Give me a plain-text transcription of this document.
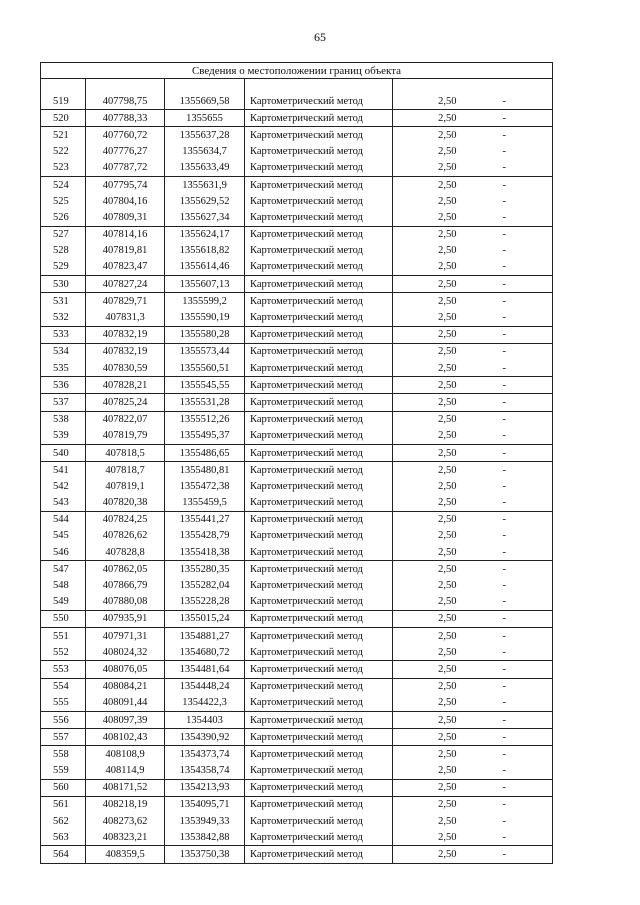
65
Сведения о местоположении границ объекта					

519	407798,75	1355669,58	Картометрический метод	2,50	-
520	407788,33	1355655	Картометрический метод	2,50	-
521	407760,72	1355637,28	Картометрический метод	2,50	-
522	407776,27	1355634,7	Картометрический метод	2,50	-
523	407787,72	1355633,49	Картометрический метод	2,50	-
524	407795,74	1355631,9	Картометрический метод	2,50	-
525	407804,16	1355629,52	Картометрический метод	2,50	-
526	407809,31	1355627,34	Картометрический метод	2,50	-
527	407814,16	1355624,17	Картометрический метод	2,50	-
528	407819,81	1355618,82	Картометрический метод	2,50	-
529	407823,47	1355614,46	Картометрический метод	2,50	-
530	407827,24	1355607,13	Картометрический метод	2,50	-
531	407829,71	1355599,2	Картометрический метод	2,50	-
532	407831,3	1355590,19	Картометрический метод	2,50	-
533	407832,19	1355580,28	Картометрический метод	2,50	-
534	407832,19	1355573,44	Картометрический метод	2,50	-
535	407830,59	1355560,51	Картометрический метод	2,50	-
536	407828,21	1355545,55	Картометрический метод	2,50	-
537	407825,24	1355531,28	Картометрический метод	2,50	-
538	407822,07	1355512,26	Картометрический метод	2,50	-
539	407819,79	1355495,37	Картометрический метод	2,50	-
540	407818,5	1355486,65	Картометрический метод	2,50	-
541	407818,7	1355480,81	Картометрический метод	2,50	-
542	407819,1	1355472,38	Картометрический метод	2,50	-
543	407820,38	1355459,5	Картометрический метод	2,50	-
544	407824,25	1355441,27	Картометрический метод	2,50	-
545	407826,62	1355428,79	Картометрический метод	2,50	-
546	407828,8	1355418,38	Картометрический метод	2,50	-
547	407862,05	1355280,35	Картометрический метод	2,50	-
548	407866,79	1355282,04	Картометрический метод	2,50	-
549	407880,08	1355228,28	Картометрический метод	2,50	-
550	407935,91	1355015,24	Картометрический метод	2,50	-
551	407971,31	1354881,27	Картометрический метод	2,50	-
552	408024,32	1354680,72	Картометрический метод	2,50	-
553	408076,05	1354481,64	Картометрический метод	2,50	-
554	408084,21	1354448,24	Картометрический метод	2,50	-
555	408091,44	1354422,3	Картометрический метод	2,50	-
556	408097,39	1354403	Картометрический метод	2,50	-
557	408102,43	1354390,92	Картометрический метод	2,50	-
558	408108,9	1354373,74	Картометрический метод	2,50	-
559	408114,9	1354358,74	Картометрический метод	2,50	-
560	408171,52	1354213,93	Картометрический метод	2,50	-
561	408218,19	1354095,71	Картометрический метод	2,50	-
562	408273,62	1353949,33	Картометрический метод	2,50	-
563	408323,21	1353842,88	Картометрический метод	2,50	-
564	408359,5	1353750,38	Картометрический метод	2,50	-
